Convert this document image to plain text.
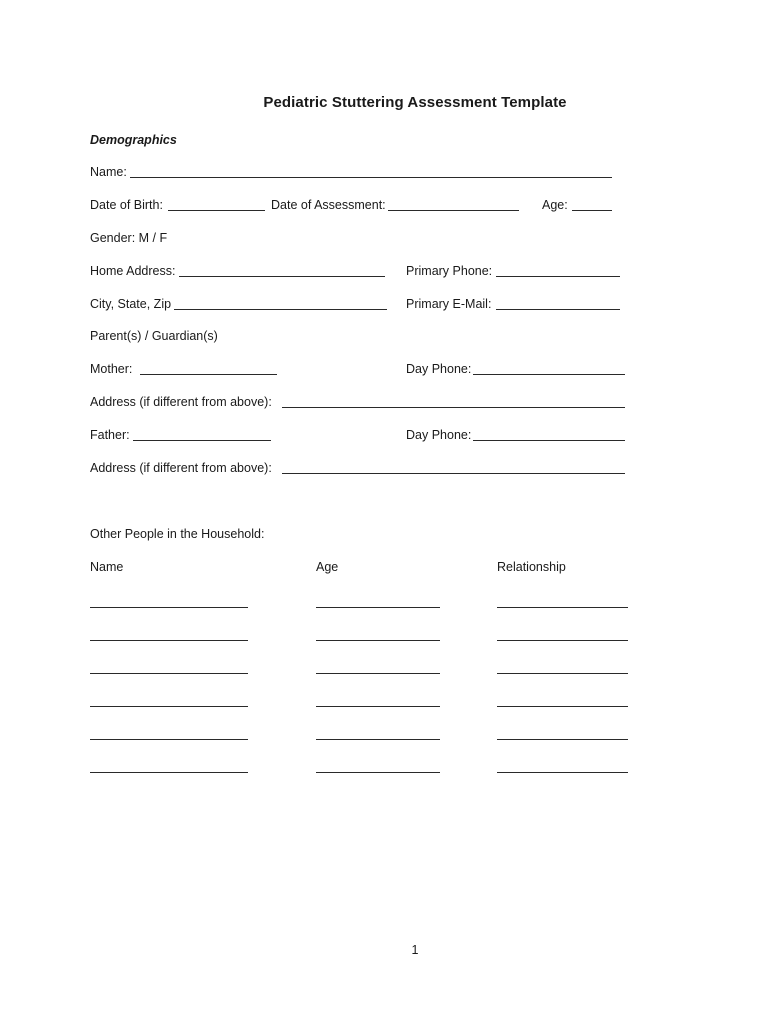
Pediatric Stuttering Assessment Template
Demographics
Name:
Date of Birth:	Date of Assessment:	Age:
Gender: M / F
Home Address:	Primary Phone:
City, State, Zip	Primary E-Mail:
Parent(s) / Guardian(s)
Mother:	Day Phone:
Address (if different from above):
Father:	Day Phone:
Address (if different from above):
Other People in the Household:
Name	Age	Relationship
1
